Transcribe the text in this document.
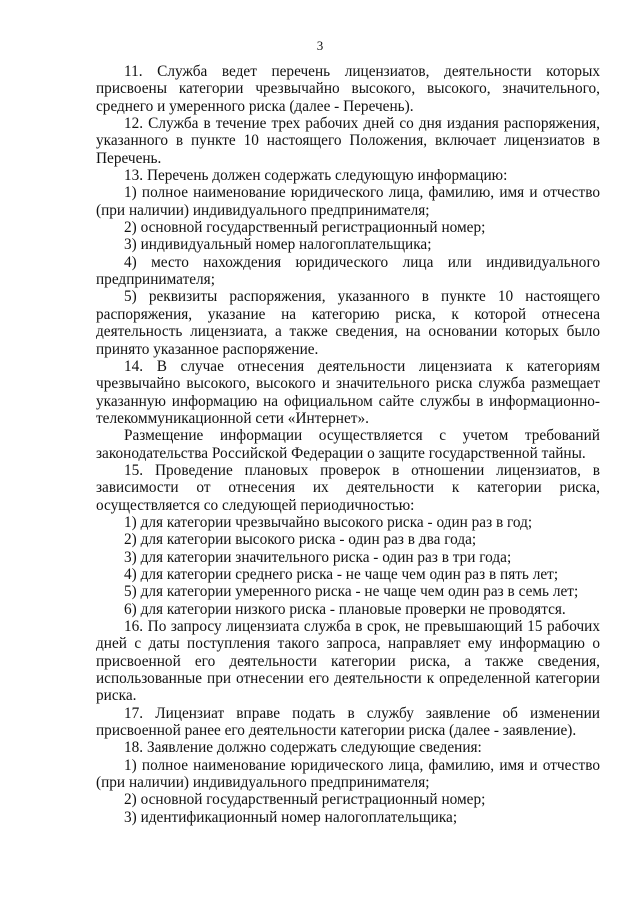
3

11. Служба ведет перечень лицензиатов, деятельности которых присвоены категории чрезвычайно высокого, высокого, значительного, среднего и умеренного риска (далее - Перечень).

12. Служба в течение трех рабочих дней со дня издания распоряжения, указанного в пункте 10 настоящего Положения, включает лицензиатов в Перечень.

13. Перечень должен содержать следующую информацию:

1) полное наименование юридического лица, фамилию, имя и отчество (при наличии) индивидуального предпринимателя;

2) основной государственный регистрационный номер;

3) индивидуальный номер налогоплательщика;

4) место нахождения юридического лица или индивидуального предпринимателя;

5) реквизиты распоряжения, указанного в пункте 10 настоящего распоряжения, указание на категорию риска, к которой отнесена деятельность лицензиата, а также сведения, на основании которых было принято указанное распоряжение.

14. В случае отнесения деятельности лицензиата к категориям чрезвычайно высокого, высокого и значительного риска служба размещает указанную информацию на официальном сайте службы в информационно-телекоммуникационной сети «Интернет».

Размещение информации осуществляется с учетом требований законодательства Российской Федерации о защите государственной тайны.

15. Проведение плановых проверок в отношении лицензиатов, в зависимости от отнесения их деятельности к категории риска, осуществляется со следующей периодичностью:

1) для категории чрезвычайно высокого риска - один раз в год;

2) для категории высокого риска - один раз в два года;

3) для категории значительного риска - один раз в три года;

4) для категории среднего риска - не чаще чем один раз в пять лет;

5) для категории умеренного риска - не чаще чем один раз в семь лет;

6) для категории низкого риска - плановые проверки не проводятся.

16. По запросу лицензиата служба в срок, не превышающий 15 рабочих дней с даты поступления такого запроса, направляет ему информацию о присвоенной его деятельности категории риска, а также сведения, использованные при отнесении его деятельности к определенной категории риска.

17. Лицензиат вправе подать в службу заявление об изменении присвоенной ранее его деятельности категории риска (далее - заявление).

18. Заявление должно содержать следующие сведения:

1) полное наименование юридического лица, фамилию, имя и отчество (при наличии) индивидуального предпринимателя;

2) основной государственный регистрационный номер;

3) идентификационный номер налогоплательщика;
